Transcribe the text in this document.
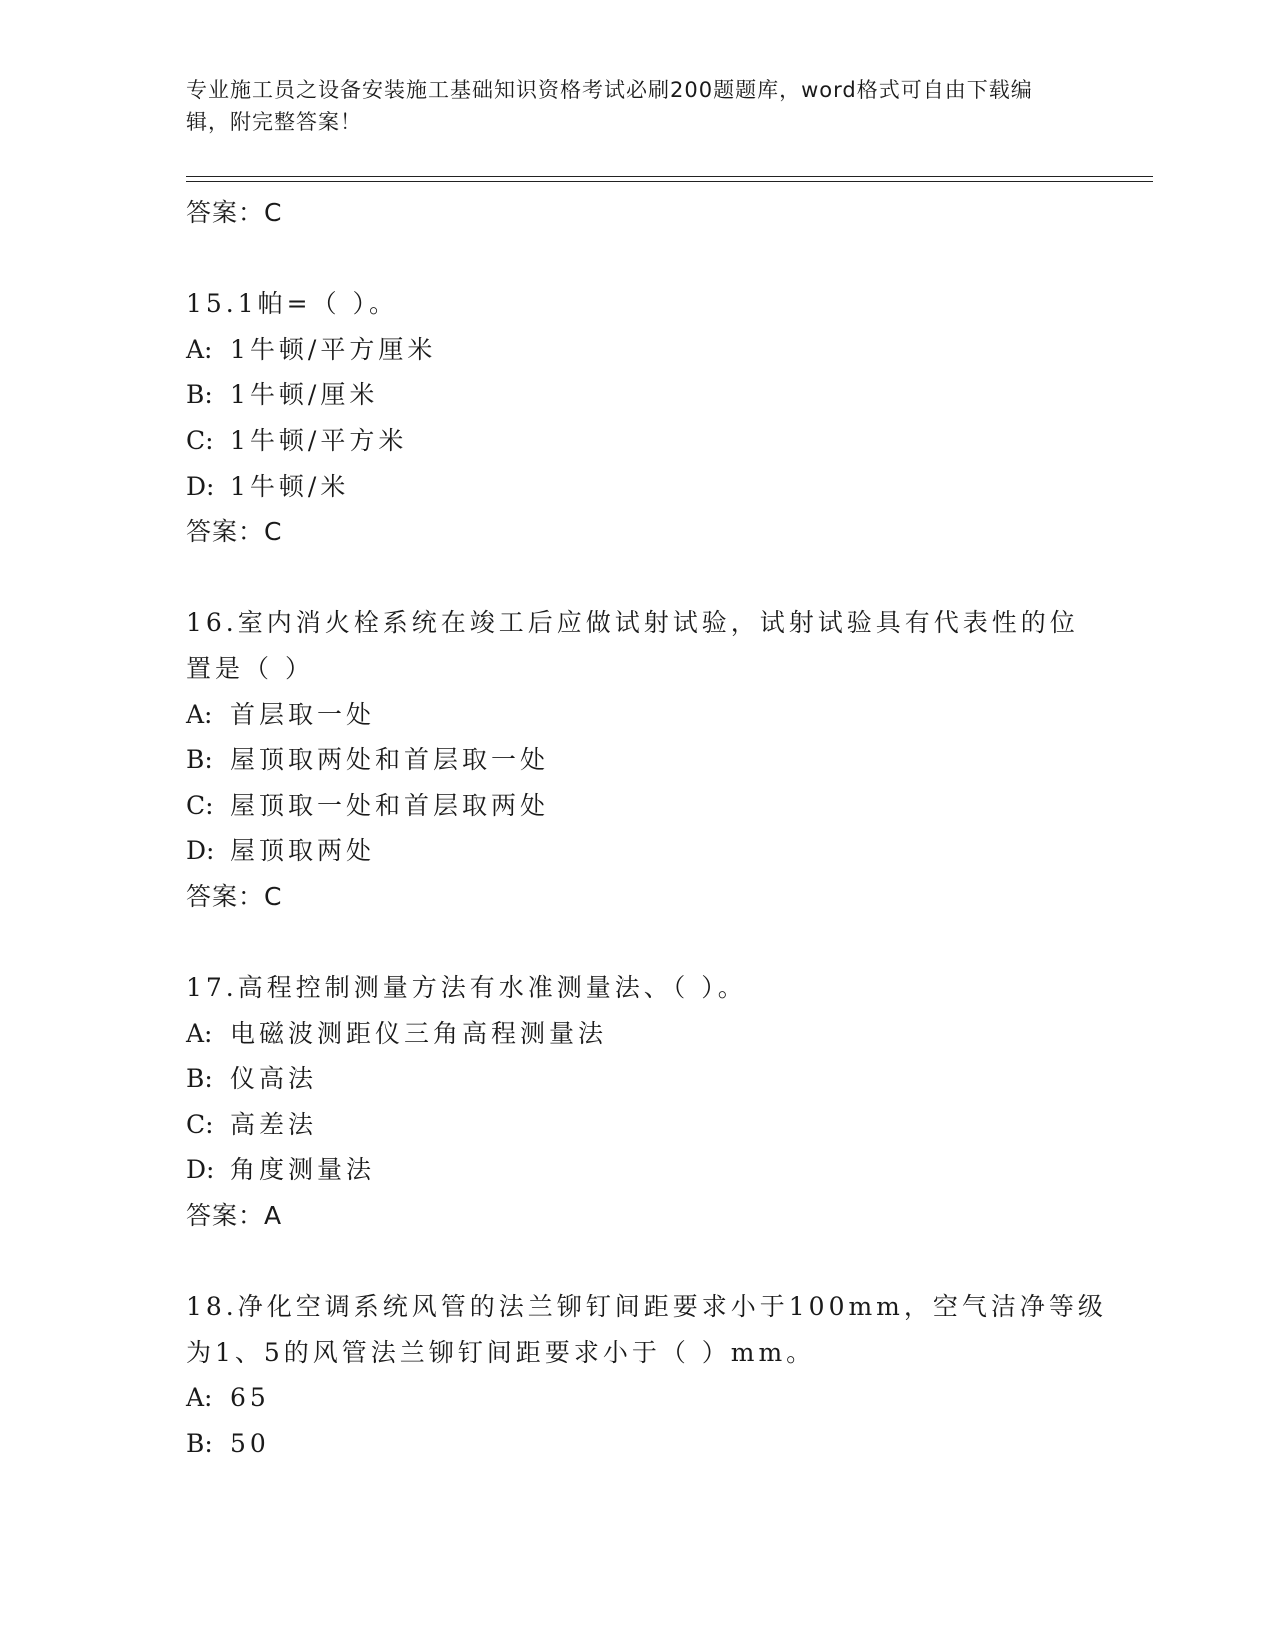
专业施工员之设备安装施工基础知识资格考试必刷200题题库，word格式可自由下载编辑，附完整答案！
答案：C
15.1帕=（ ）。
A: 1牛顿/平方厘米
B: 1牛顿/厘米
C: 1牛顿/平方米
D: 1牛顿/米
答案：C
16.室内消火栓系统在竣工后应做试射试验，试射试验具有代表性的位
置是（ ）
A: 首层取一处
B: 屋顶取两处和首层取一处
C: 屋顶取一处和首层取两处
D: 屋顶取两处
答案：C
17.高程控制测量方法有水准测量法、（ ）。
A: 电磁波测距仪三角高程测量法
B: 仪高法
C: 高差法
D: 角度测量法
答案：A
18.净化空调系统风管的法兰铆钉间距要求小于100mm，空气洁净等级
为1、5的风管法兰铆钉间距要求小于（ ）mm。
A: 65
B: 50
